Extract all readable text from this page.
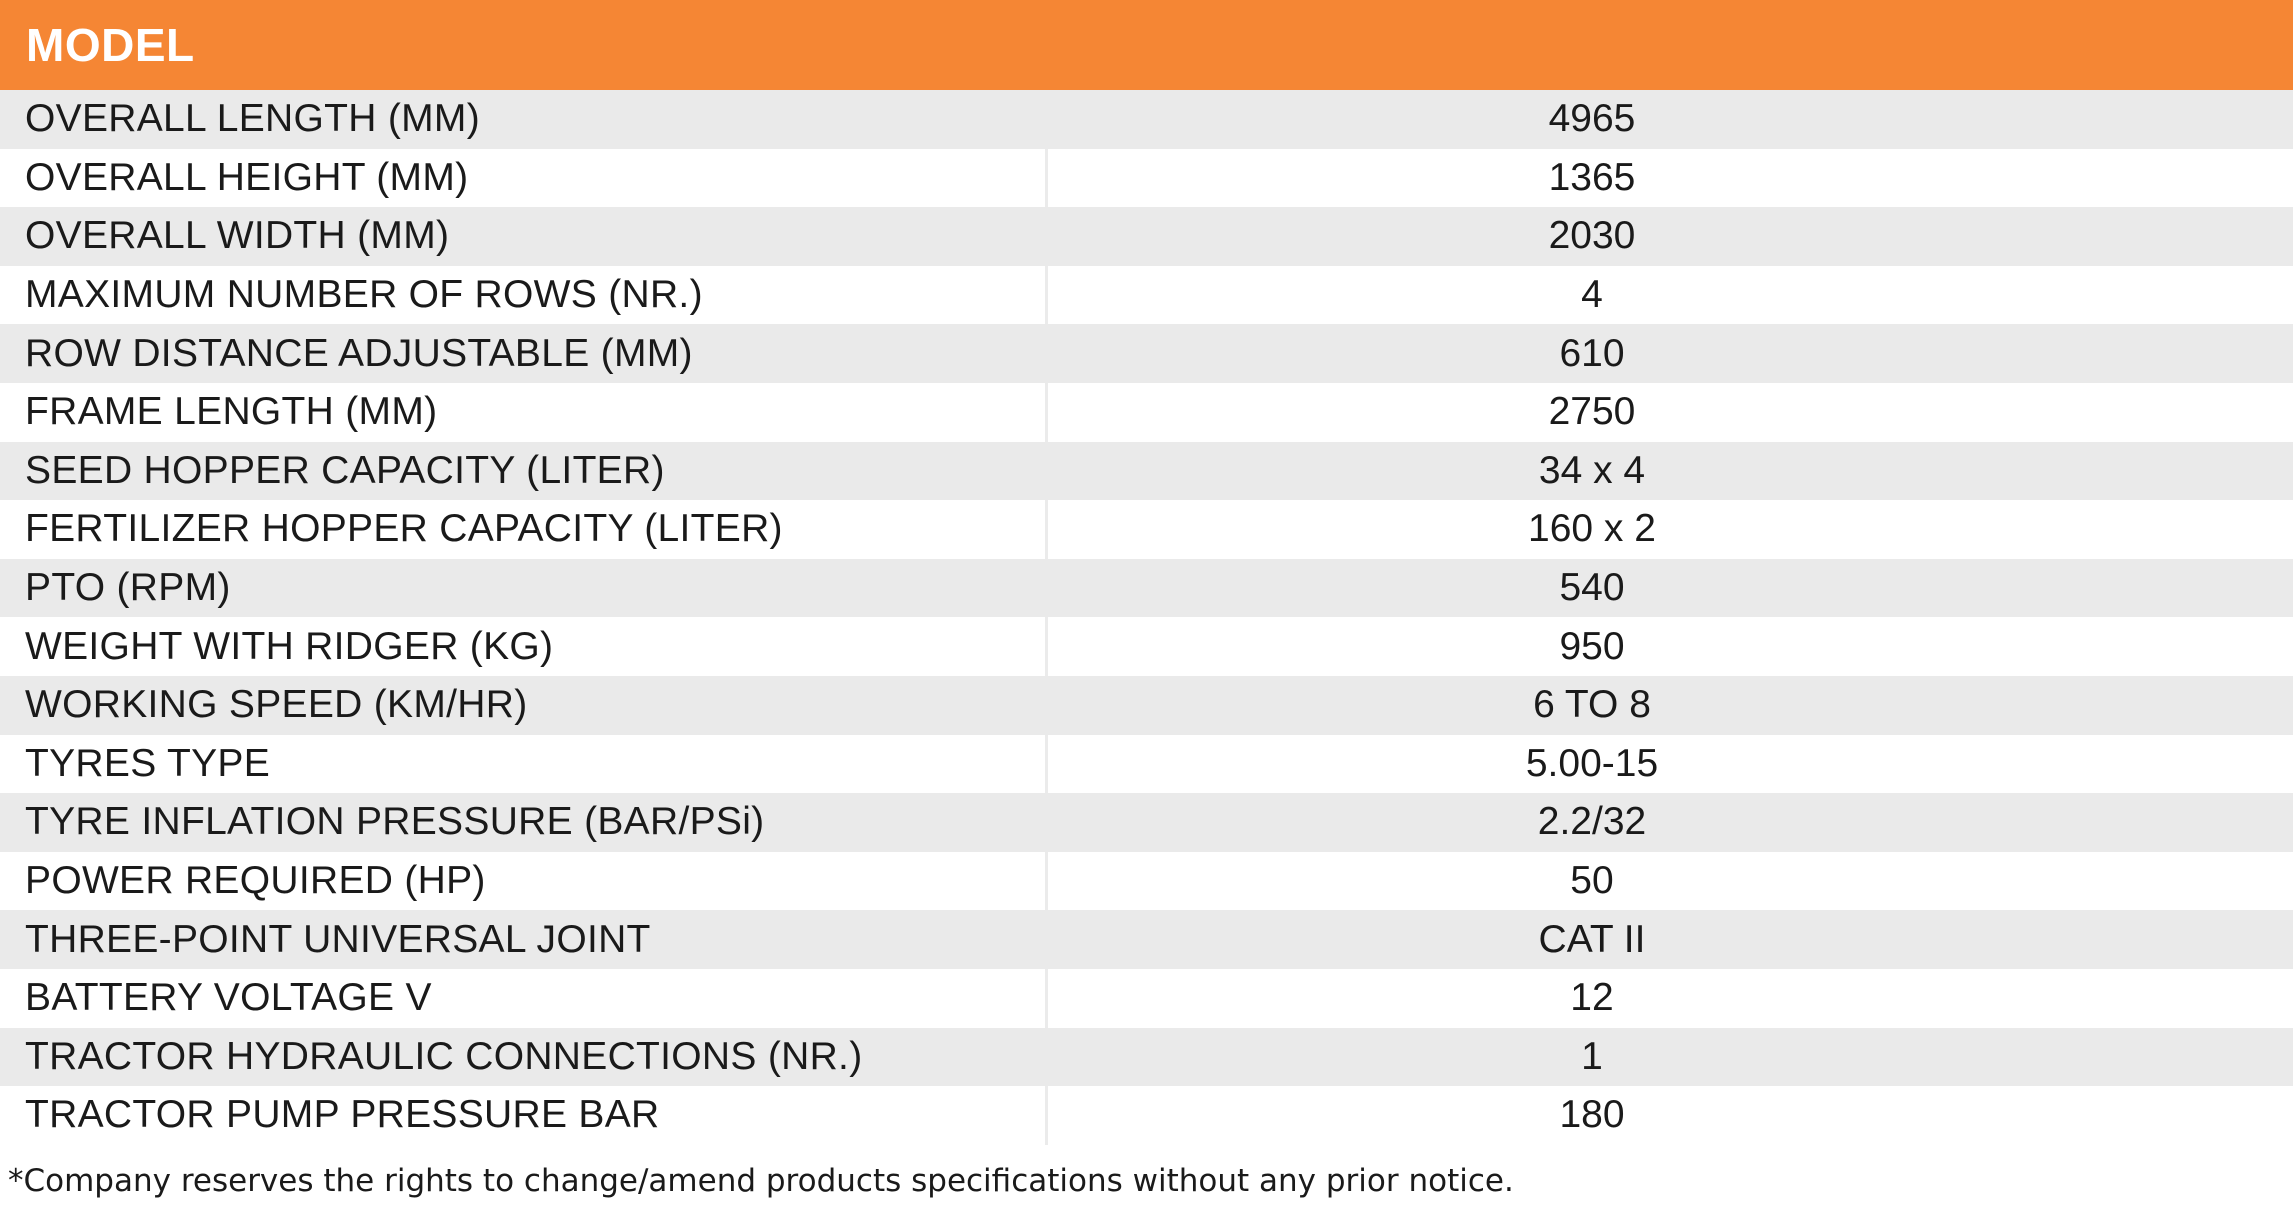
MODEL
OVERALL LENGTH (MM)	4965
OVERALL HEIGHT (MM)	1365
OVERALL WIDTH (MM)	2030
MAXIMUM NUMBER OF ROWS (NR.)	4
ROW DISTANCE ADJUSTABLE (MM)	610
FRAME LENGTH (MM)	2750
SEED HOPPER CAPACITY (LITER)	34 x 4
FERTILIZER HOPPER CAPACITY (LITER)	160 x 2
PTO (RPM)	540
WEIGHT WITH RIDGER (KG)	950
WORKING SPEED (KM/HR)	6 TO 8
TYRES TYPE	5.00-15
TYRE INFLATION PRESSURE (BAR/PSi)	2.2/32
POWER REQUIRED (HP)	50
THREE-POINT UNIVERSAL JOINT	CAT II
BATTERY VOLTAGE V	12
TRACTOR HYDRAULIC CONNECTIONS (NR.)	1
TRACTOR PUMP PRESSURE BAR	180
*Company reserves the rights to change/amend products specifications without any prior notice.
